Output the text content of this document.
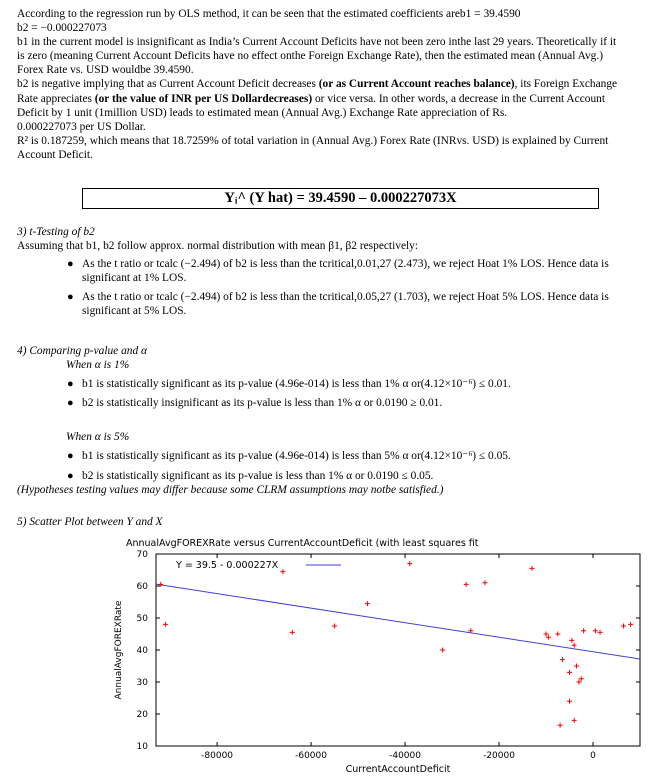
According to the regression run by OLS method, it can be seen that the estimated coefficients areb1 = 39.4590

b2 = −0.000227073

b1 in the current model is insignificant as India’s Current Account Deficits have not been zero inthe last 29 years. Theoretically if it

is zero (meaning Current Account Deficits have no effect onthe Foreign Exchange Rate), then the estimated mean (Annual Avg.)

Forex Rate vs. USD wouldbe 39.4590.

b2 is negative implying that as Current Account Deficit decreases (or as Current Account reaches balance), its Foreign Exchange

Rate appreciates (or the value of INR per US Dollardecreases) or vice versa. In other words, a decrease in the Current Account

Deficit by 1 unit (1million USD) leads to estimated mean (Annual Avg.) Exchange Rate appreciation of Rs.

0.000227073 per US Dollar.

R² is 0.187259, which means that 18.7259% of total variation in (Annual Avg.) Forex Rate (INRvs. USD) is explained by Current

Account Deficit.

Yᵢ^ (Y hat) = 39.4590 – 0.000227073X

3) t-Testing of b2

Assuming that b1, b2 follow approx. normal distribution with mean β1, β2 respectively:

● As the t ratio or tcalc (−2.494) of b2 is less than the tcritical,0.01,27 (2.473), we reject Hoat 1% LOS. Hence data is

significant at 1% LOS.

● As the t ratio or tcalc (−2.494) of b2 is less than the tcritical,0.05,27 (1.703), we reject Hoat 5% LOS. Hence data is

significant at 5% LOS.

4) Comparing p-value and α

When α is 1%

● b1 is statistically significant as its p-value (4.96e-014) is less than 1% α or(4.12×10⁻⁶) ≤ 0.01.

● b2 is statistically insignificant as its p-value is less than 1% α or 0.0190 ≥ 0.01.

When α is 5%

● b1 is statistically significant as its p-value (4.96e-014) is less than 5% α or(4.12×10⁻⁶) ≤ 0.05.

● b2 is statistically significant as its p-value is less than 1% α or 0.0190 ≤ 0.05.

(Hypotheses testing values may differ because some CLRM assumptions may notbe satisfied.)

5) Scatter Plot between Y and X

AnnualAvgFOREXRate versus CurrentAccountDeficit (with least squares fit
-80000	-60000	-40000	-20000	0
10
20
30
40
50
60
70
CurrentAccountDeficit
AnnualAvgFOREXRate
Y = 39.5 - 0.000227X
